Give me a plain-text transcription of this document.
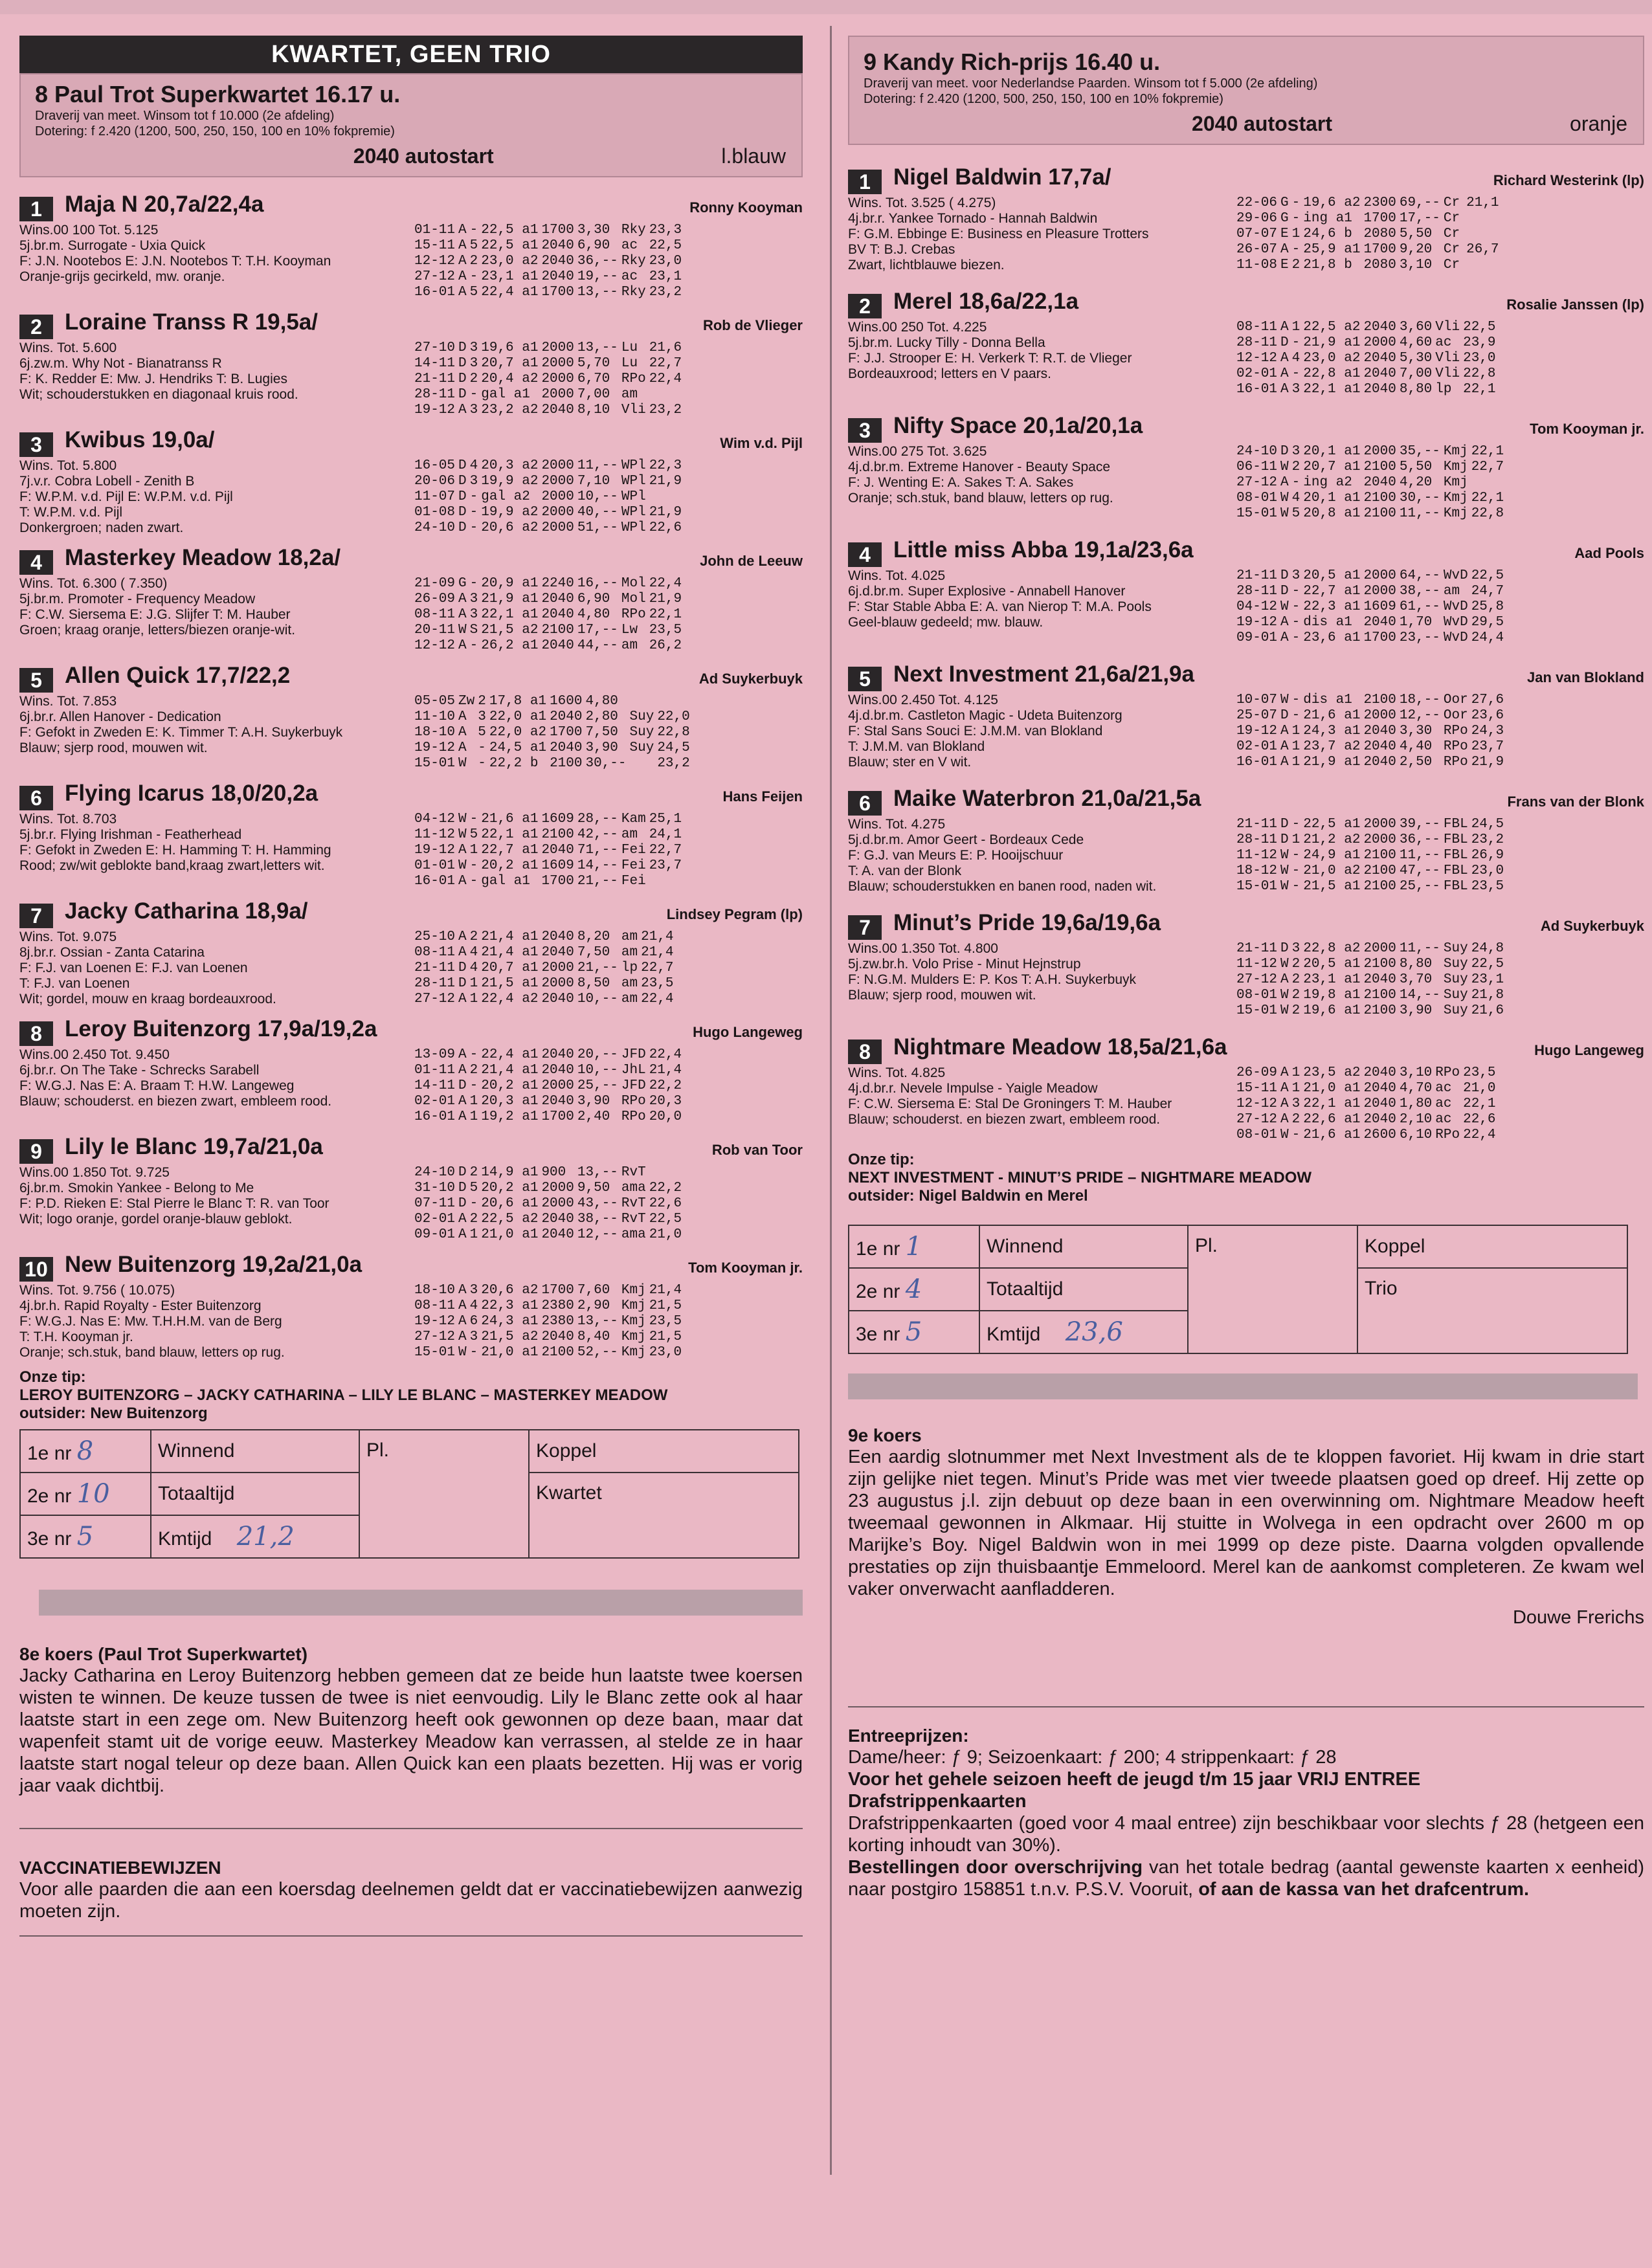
KWARTET, GEEN TRIO
8 Paul Trot Superkwartet 16.17 u.
Draverij van meet. Winsom tot f 10.000 (2e afdeling)
Dotering: f 2.420 (1200, 500, 250, 150, 100 en 10% fokpremie)
2040 autostart	l.blauw
1	Maja N 20,7a/22,4a	Ronny Kooyman
Wins.00 100 Tot. 5.125
5j.br.m. Surrogate - Uxia Quick
F: J.N. Nootebos E: J.N. Nootebos T: T.H. Kooyman
Oranje-grijs gecirkeld, mw. oranje.
01-11	A	-	22,5 a1	1700	3,30	Rky	23,3	
15-11	A	5	22,5 a1	2040	6,90	ac	22,5	
12-12	A	2	23,0 a2	2040	36,--	Rky	23,0	
27-12	A	-	23,1 a1	2040	19,--	ac	23,1	
16-01	A	5	22,4 a1	1700	13,--	Rky	23,2	
2	Loraine Transs R 19,5a/	Rob de Vlieger
Wins. Tot. 5.600
6j.zw.m. Why Not - Bianatranss R
F: K. Redder E: Mw. J. Hendriks T: B. Lugies
Wit; schouderstukken en diagonaal kruis rood.
27-10	D	3	19,6 a1	2000	13,--	Lu	21,6	
14-11	D	3	20,7 a1	2000	5,70	Lu	22,7	
21-11	D	2	20,4 a2	2000	6,70	RPo	22,4	
28-11	D	-	gal a1	2000	7,00	am		
19-12	A	3	23,2 a2	2040	8,10	Vli	23,2	
3	Kwibus 19,0a/	Wim v.d. Pijl
Wins. Tot. 5.800
7j.v.r. Cobra Lobell - Zenith B
F: W.P.M. v.d. Pijl E: W.P.M. v.d. Pijl
T: W.P.M. v.d. Pijl
Donkergroen; naden zwart.
16-05	D	4	20,3 a2	2000	11,--	WPl	22,3	
20-06	D	3	19,9 a2	2000	7,10	WPl	21,9	
11-07	D	-	gal a2	2000	10,--	WPl		
01-08	D	-	19,9 a2	2000	40,--	WPl	21,9	
24-10	D	-	20,6 a2	2000	51,--	WPl	22,6	
4	Masterkey Meadow 18,2a/	John de Leeuw
Wins. Tot. 6.300 ( 7.350)
5j.br.m. Promoter - Frequency Meadow
F: C.W. Siersema E: J.G. Slijfer T: M. Hauber
Groen; kraag oranje, letters/biezen oranje-wit.
21-09	G	-	20,9 a1	2240	16,--	Mol	22,4	
26-09	A	3	21,9 a1	2040	6,90	Mol	21,9	
08-11	A	3	22,1 a1	2040	4,80	RPo	22,1	
20-11	W	S	21,5 a2	2100	17,--	Lw	23,5	
12-12	A	-	26,2 a1	2040	44,--	am	26,2	
5	Allen Quick 17,7/22,2	Ad Suykerbuyk
Wins. Tot. 7.853
6j.br.r. Allen Hanover - Dedication
F: Gefokt in Zweden E: K. Timmer T: A.H. Suykerbuyk
Blauw; sjerp rood, mouwen wit.
05-05	Zw	2	17,8 a1	1600	4,80			
11-10	A	3	22,0 a1	2040	2,80	Suy	22,0	
18-10	A	5	22,0 a2	1700	7,50	Suy	22,8	
19-12	A	-	24,5 a1	2040	3,90	Suy	24,5	
15-01	W	-	22,2 b	2100	30,--		23,2	
6	Flying Icarus 18,0/20,2a	Hans Feijen
Wins. Tot. 8.703
5j.br.r. Flying Irishman - Featherhead
F: Gefokt in Zweden E: H. Hamming T: H. Hamming
Rood; zw/wit geblokte band,kraag zwart,letters wit.
04-12	W	-	21,6 a1	1609	28,--	Kam	25,1	
11-12	W	5	22,1 a1	2100	42,--	am	24,1	
19-12	A	1	22,7 a1	2040	71,--	Fei	22,7	
01-01	W	-	20,2 a1	1609	14,--	Fei	23,7	
16-01	A	-	gal a1	1700	21,--	Fei		
7	Jacky Catharina 18,9a/	Lindsey Pegram (lp)
Wins. Tot. 9.075
8j.br.r. Ossian - Zanta Catarina
F: F.J. van Loenen E: F.J. van Loenen
T: F.J. van Loenen
Wit; gordel, mouw en kraag bordeauxrood.
25-10	A	2	21,4 a1	2040	8,20	am	21,4	
08-11	A	4	21,4 a1	2040	7,50	am	21,4	
21-11	D	4	20,7 a1	2000	21,--	lp	22,7	
28-11	D	1	21,5 a1	2000	8,50	am	23,5	
27-12	A	1	22,4 a2	2040	10,--	am	22,4	
8	Leroy Buitenzorg 17,9a/19,2a	Hugo Langeweg
Wins.00 2.450 Tot. 9.450
6j.br.r. On The Take - Schrecks Sarabell
F: W.G.J. Nas E: A. Braam T: H.W. Langeweg
Blauw; schouderst. en biezen zwart, embleem rood.
13-09	A	-	22,4 a1	2040	20,--	JFD	22,4	
01-11	A	2	21,4 a1	2040	10,--	JhL	21,4	
14-11	D	-	20,2 a1	2000	25,--	JFD	22,2	
02-01	A	1	20,3 a1	2040	3,90	RPo	20,3	
16-01	A	1	19,2 a1	1700	2,40	RPo	20,0	
9	Lily le Blanc 19,7a/21,0a	Rob van Toor
Wins.00 1.850 Tot. 9.725
6j.br.m. Smokin Yankee - Belong to Me
F: P.D. Rieken E: Stal Pierre le Blanc T: R. van Toor
Wit; logo oranje, gordel oranje-blauw geblokt.
24-10	D	2	14,9 a1	900	13,--	RvT		
31-10	D	5	20,2 a1	2000	9,50	ama	22,2	
07-11	D	-	20,6 a1	2000	43,--	RvT	22,6	
02-01	A	2	22,5 a2	2040	38,--	RvT	22,5	
09-01	A	1	21,0 a1	2040	12,--	ama	21,0	
10 New Buitenzorg 19,2a/21,0a	Tom Kooyman jr.
Wins. Tot. 9.756 ( 10.075)
4j.br.h. Rapid Royalty - Ester Buitenzorg
F: W.G.J. Nas E: Mw. T.H.H.M. van de Berg
T: T.H. Kooyman jr.
Oranje; sch.stuk, band blauw, letters op rug.
18-10	A	3	20,6 a2	1700	7,60	Kmj	21,4	
08-11	A	4	22,3 a1	2380	2,90	Kmj	21,5	
19-12	A	6	24,3 a1	2380	13,--	Kmj	23,5	
27-12	A	3	21,5 a2	2040	8,40	Kmj	21,5	
15-01	W	-	21,0 a1	2100	52,--	Kmj	23,0	
Onze tip:
LEROY BUITENZORG – JACKY CATHARINA – LILY LE BLANC – MASTERKEY MEADOW
outsider: New Buitenzorg
1e nr 8	Winnend	Pl.	Koppel
2e nr 10	Totaaltijd		Kwartet
3e nr 5	Kmtijd 21,2		
8e koers (Paul Trot Superkwartet)
Jacky Catharina en Leroy Buitenzorg hebben gemeen dat ze beide hun laatste twee koersen wisten te winnen. De keuze tussen de twee is niet eenvoudig. Lily le Blanc zette ook al haar laatste start in een zege om. New Buitenzorg heeft ook gewonnen op deze baan, maar dat wapenfeit stamt uit de vorige eeuw. Masterkey Meadow kan verrassen, al stelde ze in haar laatste start nogal teleur op deze baan. Allen Quick kan een plaats bezetten. Hij was er vorig jaar vaak dichtbij.
VACCINATIEBEWIJZEN
Voor alle paarden die aan een koersdag deelnemen geldt dat er vaccinatiebewijzen aanwezig moeten zijn.
9 Kandy Rich-prijs 16.40 u.
Draverij van meet. voor Nederlandse Paarden. Winsom tot f 5.000 (2e afdeling)
Dotering: f 2.420 (1200, 500, 250, 150, 100 en 10% fokpremie)
2040 autostart	oranje
1	Nigel Baldwin 17,7a/	Richard Westerink (lp)
Wins. Tot. 3.525 ( 4.275)
4j.br.r. Yankee Tornado - Hannah Baldwin
F: G.M. Ebbinge E: Business en Pleasure Trotters
BV T: B.J. Crebas
Zwart, lichtblauwe biezen.
22-06	G	-	19,6 a2	2300	69,--	Cr		21,1
29-06	G	-	ing a1	1700	17,--	Cr		
07-07	E	1	24,6 b	2080	5,50	Cr		
26-07	A	-	25,9 a1	1700	9,20	Cr		26,7
11-08	E	2	21,8 b	2080	3,10	Cr		
2	Merel 18,6a/22,1a	Rosalie Janssen (lp)
Wins.00 250 Tot. 4.225
5j.br.m. Lucky Tilly - Donna Bella
F: J.J. Strooper E: H. Verkerk T: R.T. de Vlieger
Bordeauxrood; letters en V paars.
08-11	A	1	22,5 a2	2040	3,60	Vli	22,5	
28-11	D	-	21,9 a1	2000	4,60	ac	23,9	
12-12	A	4	23,0 a2	2040	5,30	Vli	23,0	
02-01	A	-	22,8 a1	2040	7,00	Vli	22,8	
16-01	A	3	22,1 a1	2040	8,80	lp	22,1	
3	Nifty Space 20,1a/20,1a	Tom Kooyman jr.
Wins.00 275 Tot. 3.625
4j.d.br.m. Extreme Hanover - Beauty Space
F: J. Wenting E: A. Sakes T: A. Sakes
Oranje; sch.stuk, band blauw, letters op rug.
24-10	D	3	20,1 a1	2000	35,--	Kmj	22,1	
06-11	W	2	20,7 a1	2100	5,50	Kmj	22,7	
27-12	A	-	ing a2	2040	4,20	Kmj		
08-01	W	4	20,1 a1	2100	30,--	Kmj	22,1	
15-01	W	5	20,8 a1	2100	11,--	Kmj	22,8	
4	Little miss Abba 19,1a/23,6a	Aad Pools
Wins. Tot. 4.025
6j.d.br.m. Super Explosive - Annabell Hanover
F: Star Stable Abba E: A. van Nierop T: M.A. Pools
Geel-blauw gedeeld; mw. blauw.
21-11	D	3	20,5 a1	2000	64,--	WvD	22,5	
28-11	D	-	22,7 a1	2000	38,--	am	24,7	
04-12	W	-	22,3 a1	1609	61,--	WvD	25,8	
19-12	A	-	dis a1	2040	1,70	WvD	29,5	
09-01	A	-	23,6 a1	1700	23,--	WvD	24,4	
5	Next Investment 21,6a/21,9a	Jan van Blokland
Wins.00 2.450 Tot. 4.125
4j.d.br.m. Castleton Magic - Udeta Buitenzorg
F: Stal Sans Souci E: J.M.M. van Blokland
T: J.M.M. van Blokland
Blauw; ster en V wit.
10-07	W	-	dis a1	2100	18,--	Oor	27,6	
25-07	D	-	21,6 a1	2000	12,--	Oor	23,6	
19-12	A	1	24,3 a1	2040	3,30	RPo	24,3	
02-01	A	1	23,7 a2	2040	4,40	RPo	23,7	
16-01	A	1	21,9 a1	2040	2,50	RPo	21,9	
6	Maike Waterbron 21,0a/21,5a	Frans van der Blonk
Wins. Tot. 4.275
5j.d.br.m. Amor Geert - Bordeaux Cede
F: G.J. van Meurs E: P. Hooijschuur
T: A. van der Blonk
Blauw; schouderstukken en banen rood, naden wit.
21-11	D	-	22,5 a1	2000	39,--	FBL	24,5	
28-11	D	1	21,2 a2	2000	36,--	FBL	23,2	
11-12	W	-	24,9 a1	2100	11,--	FBL	26,9	
18-12	W	-	21,0 a2	2100	47,--	FBL	23,0	
15-01	W	-	21,5 a1	2100	25,--	FBL	23,5	
7	Minut’s Pride 19,6a/19,6a	Ad Suykerbuyk
Wins.00 1.350 Tot. 4.800
5j.zw.br.h. Volo Prise - Minut Hejnstrup
F: N.G.M. Mulders E: P. Kos T: A.H. Suykerbuyk
Blauw; sjerp rood, mouwen wit.
21-11	D	3	22,8 a2	2000	11,--	Suy	24,8	
11-12	W	2	20,5 a1	2100	8,80	Suy	22,5	
27-12	A	2	23,1 a1	2040	3,70	Suy	23,1	
08-01	W	2	19,8 a1	2100	14,--	Suy	21,8	
15-01	W	2	19,6 a1	2100	3,90	Suy	21,6	
8	Nightmare Meadow 18,5a/21,6a	Hugo Langeweg
Wins. Tot. 4.825
4j.d.br.r. Nevele Impulse - Yaigle Meadow
F: C.W. Siersema E: Stal De Groningers T: M. Hauber
Blauw; schouderst. en biezen zwart, embleem rood.
26-09	A	1	23,5 a2	2040	3,10	RPo	23,5	
15-11	A	1	21,0 a1	2040	4,70	ac	21,0	
12-12	A	3	22,1 a1	2040	1,80	ac	22,1	
27-12	A	2	22,6 a1	2040	2,10	ac	22,6	
08-01	W	-	21,6 a1	2600	6,10	RPo	22,4	
Onze tip:
NEXT INVESTMENT - MINUT’S PRIDE – NIGHTMARE MEADOW
outsider: Nigel Baldwin en Merel
1e nr 1	Winnend	Pl.	Koppel
2e nr 4	Totaaltijd		Trio
3e nr 5	Kmtijd 23,6		
9e koers
Een aardig slotnummer met Next Investment als de te kloppen favoriet. Hij kwam in drie start zijn gelijke niet tegen. Minut’s Pride was met vier tweede plaatsen goed op dreef. Hij zette op 23 augustus j.l. zijn debuut op deze baan in een overwinning om. Nightmare Meadow heeft tweemaal gewonnen in Alkmaar. Hij stuitte in Wolvega in een opdracht over 2600 m op Marijke’s Boy. Nigel Baldwin won in mei 1999 op deze piste. Daarna volgden opvallende prestaties op zijn thuisbaantje Emmeloord. Merel kan de aankomst completeren. Ze kwam wel vaker onverwacht aanfladderen.
Douwe Frerichs
Entreeprijzen:
Dame/heer: ƒ 9; Seizoenkaart: ƒ 200; 4 strippenkaart: ƒ 28
Voor het gehele seizoen heeft de jeugd t/m 15 jaar VRIJ ENTREE
Drafstrippenkaarten
Drafstrippenkaarten (goed voor 4 maal entree) zijn beschikbaar voor slechts ƒ 28 (hetgeen een korting inhoudt van 30%).
Bestellingen door overschrijving van het totale bedrag (aantal gewenste kaarten x eenheid) naar postgiro 158851 t.n.v. P.S.V. Vooruit, of aan de kassa van het drafcentrum.
